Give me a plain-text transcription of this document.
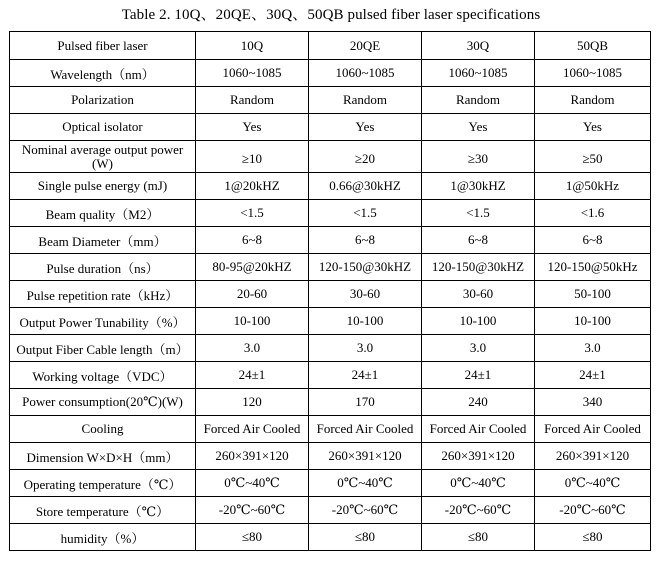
Table 2. 10Q、20QE、30Q、50QB pulsed fiber laser specifications
Pulsed fiber laser	10Q	20QE	30Q	50QB
Wavelength（nm）	1060~1085	1060~1085	1060~1085	1060~1085
Polarization	Random	Random	Random	Random
Optical isolator	Yes	Yes	Yes	Yes
Nominal average output power (W)	≥10	≥20	≥30	≥50
Single pulse energy (mJ)	1@20kHZ	0.66@30kHZ	1@30kHZ	1@50kHz
Beam quality（M2）	<1.5	<1.5	<1.5	<1.6
Beam Diameter（mm）	6~8	6~8	6~8	6~8
Pulse duration（ns）	80-95@20kHZ	120-150@30kHZ	120-150@30kHZ	120-150@50kHz
Pulse repetition rate（kHz）	20-60	30-60	30-60	50-100
Output Power Tunability（%）	10-100	10-100	10-100	10-100
Output Fiber Cable length（m）	3.0	3.0	3.0	3.0
Working voltage（VDC）	24±1	24±1	24±1	24±1
Power consumption(20℃)(W)	120	170	240	340
Cooling	Forced Air Cooled	Forced Air Cooled	Forced Air Cooled	Forced Air Cooled
Dimension W×D×H（mm）	260×391×120	260×391×120	260×391×120	260×391×120
Operating temperature（℃）	0℃~40℃	0℃~40℃	0℃~40℃	0℃~40℃
Store temperature（℃）	-20℃~60℃	-20℃~60℃	-20℃~60℃	-20℃~60℃
humidity（%）	≤80	≤80	≤80	≤80
